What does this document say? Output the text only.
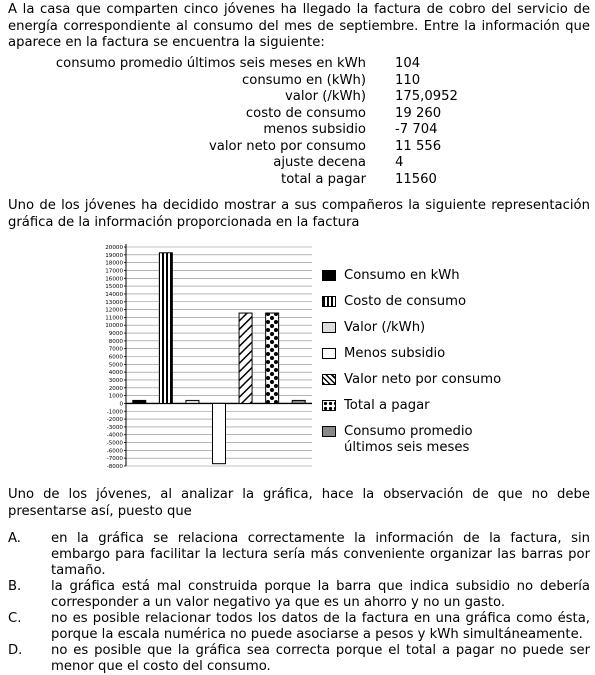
A la casa que comparten cinco jóvenes ha llegado la factura de cobro del servicio de energía correspondiente al consumo del mes de septiembre. Entre la información que aparece en la factura se encuentra la siguiente:

consumo promedio últimos seis meses en kWh 104
consumo en (kWh) 110
valor (/kWh) 175,0952
costo de consumo 19 260
menos subsidio -7 704
valor neto por consumo 11 556
ajuste decena 4
total a pagar 11560

Uno de los jóvenes ha decidido mostrar a sus compañeros la siguiente representación gráfica de la información proporcionada en la factura

-8000
-7000
-6000
-5000
-4000
-3000
-2000
-1000
0
1000
2000
3000
4000
5000
6000
7000
8000
9000
10000
11000
12000
13000
14000
15000
16000
17000
18000
19000
20000
Consumo en kWh
Costo de consumo
Valor (/kWh)
Menos subsidio
Valor neto por consumo
Total a pagar
Consumo promedio últimos seis meses

Uno de los jóvenes, al analizar la gráfica, hace la observación de que no debe presentarse así, puesto que

A. en la gráfica se relaciona correctamente la información de la factura, sin embargo para facilitar la lectura sería más conveniente organizar las barras por tamaño.
B. la gráfica está mal construida porque la barra que indica subsidio no debería corresponder a un valor negativo ya que es un ahorro y no un gasto.
C. no es posible relacionar todos los datos de la factura en una gráfica como ésta, porque la escala numérica no puede asociarse a pesos y kWh simultáneamente.
D. no es posible que la gráfica sea correcta porque el total a pagar no puede ser menor que el costo del consumo.
